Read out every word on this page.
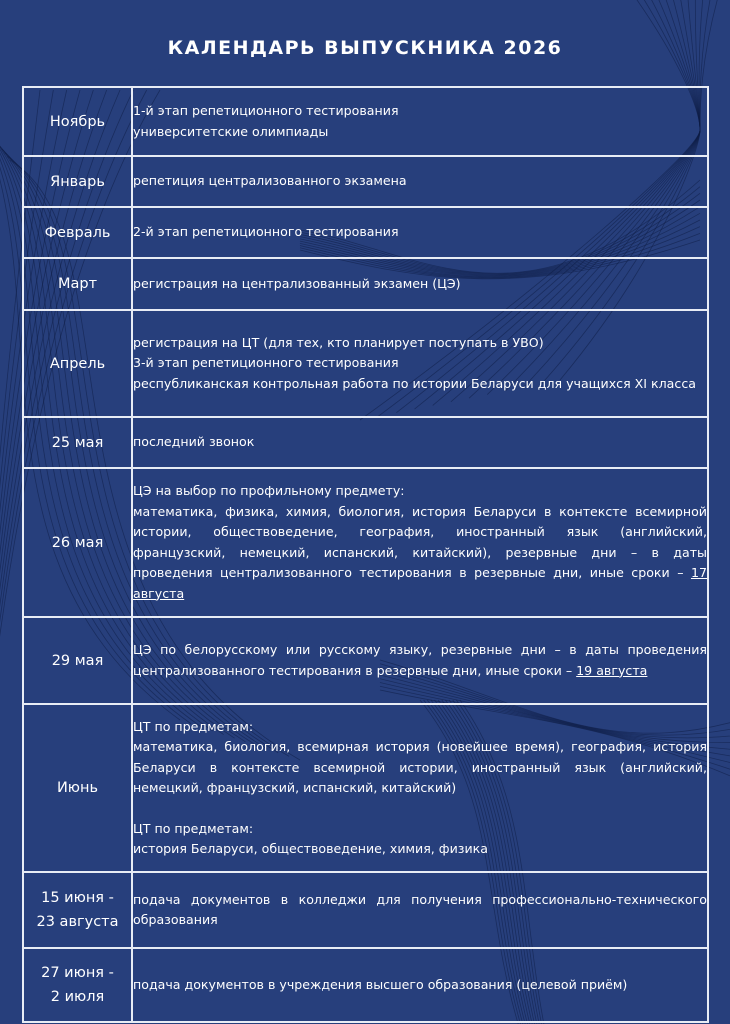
КАЛЕНДАРЬ ВЫПУСКНИКА 2026
Ноябрь	1-й этап репетиционного тестирования
университетские олимпиады

Январь	репетиция централизованного экзамена

Февраль	2-й этап репетиционного тестирования

Март	регистрация на централизованный экзамен (ЦЭ)

Апрель	регистрация на ЦТ (для тех, кто планирует поступать в УВО)
3-й этап репетиционного тестирования
республиканская контрольная работа по истории Беларуси для учащихся XI класса

25 мая	последний звонок

26 мая	ЦЭ на выбор по профильному предмету:
математика, физика, химия, биология, история Беларуси в контексте всемирной истории, обществоведение, география, иностранный язык (английский, французский, немецкий, испанский, китайский), резервные дни – в даты проведения централизованного тестирования в резервные дни, иные сроки – 17 августа
29 мая	ЦЭ по белорусскому или русскому языку, резервные дни – в даты проведения централизованного тестирования в резервные дни, иные сроки – 19 августа
Июнь	ЦТ по предметам:
математика, биология, всемирная история (новейшее время), география, история Беларуси в контексте всемирной истории, иностранный язык (английский, немецкий, французский, испанский, китайский)
ЦТ по предметам:
история Беларуси, обществоведение, химия, физика

15 июня -
23 августа	подача документов в колледжи для получения профессионально-технического образования

27 июня -
2 июля	подача документов в учреждения высшего образования (целевой приём)
